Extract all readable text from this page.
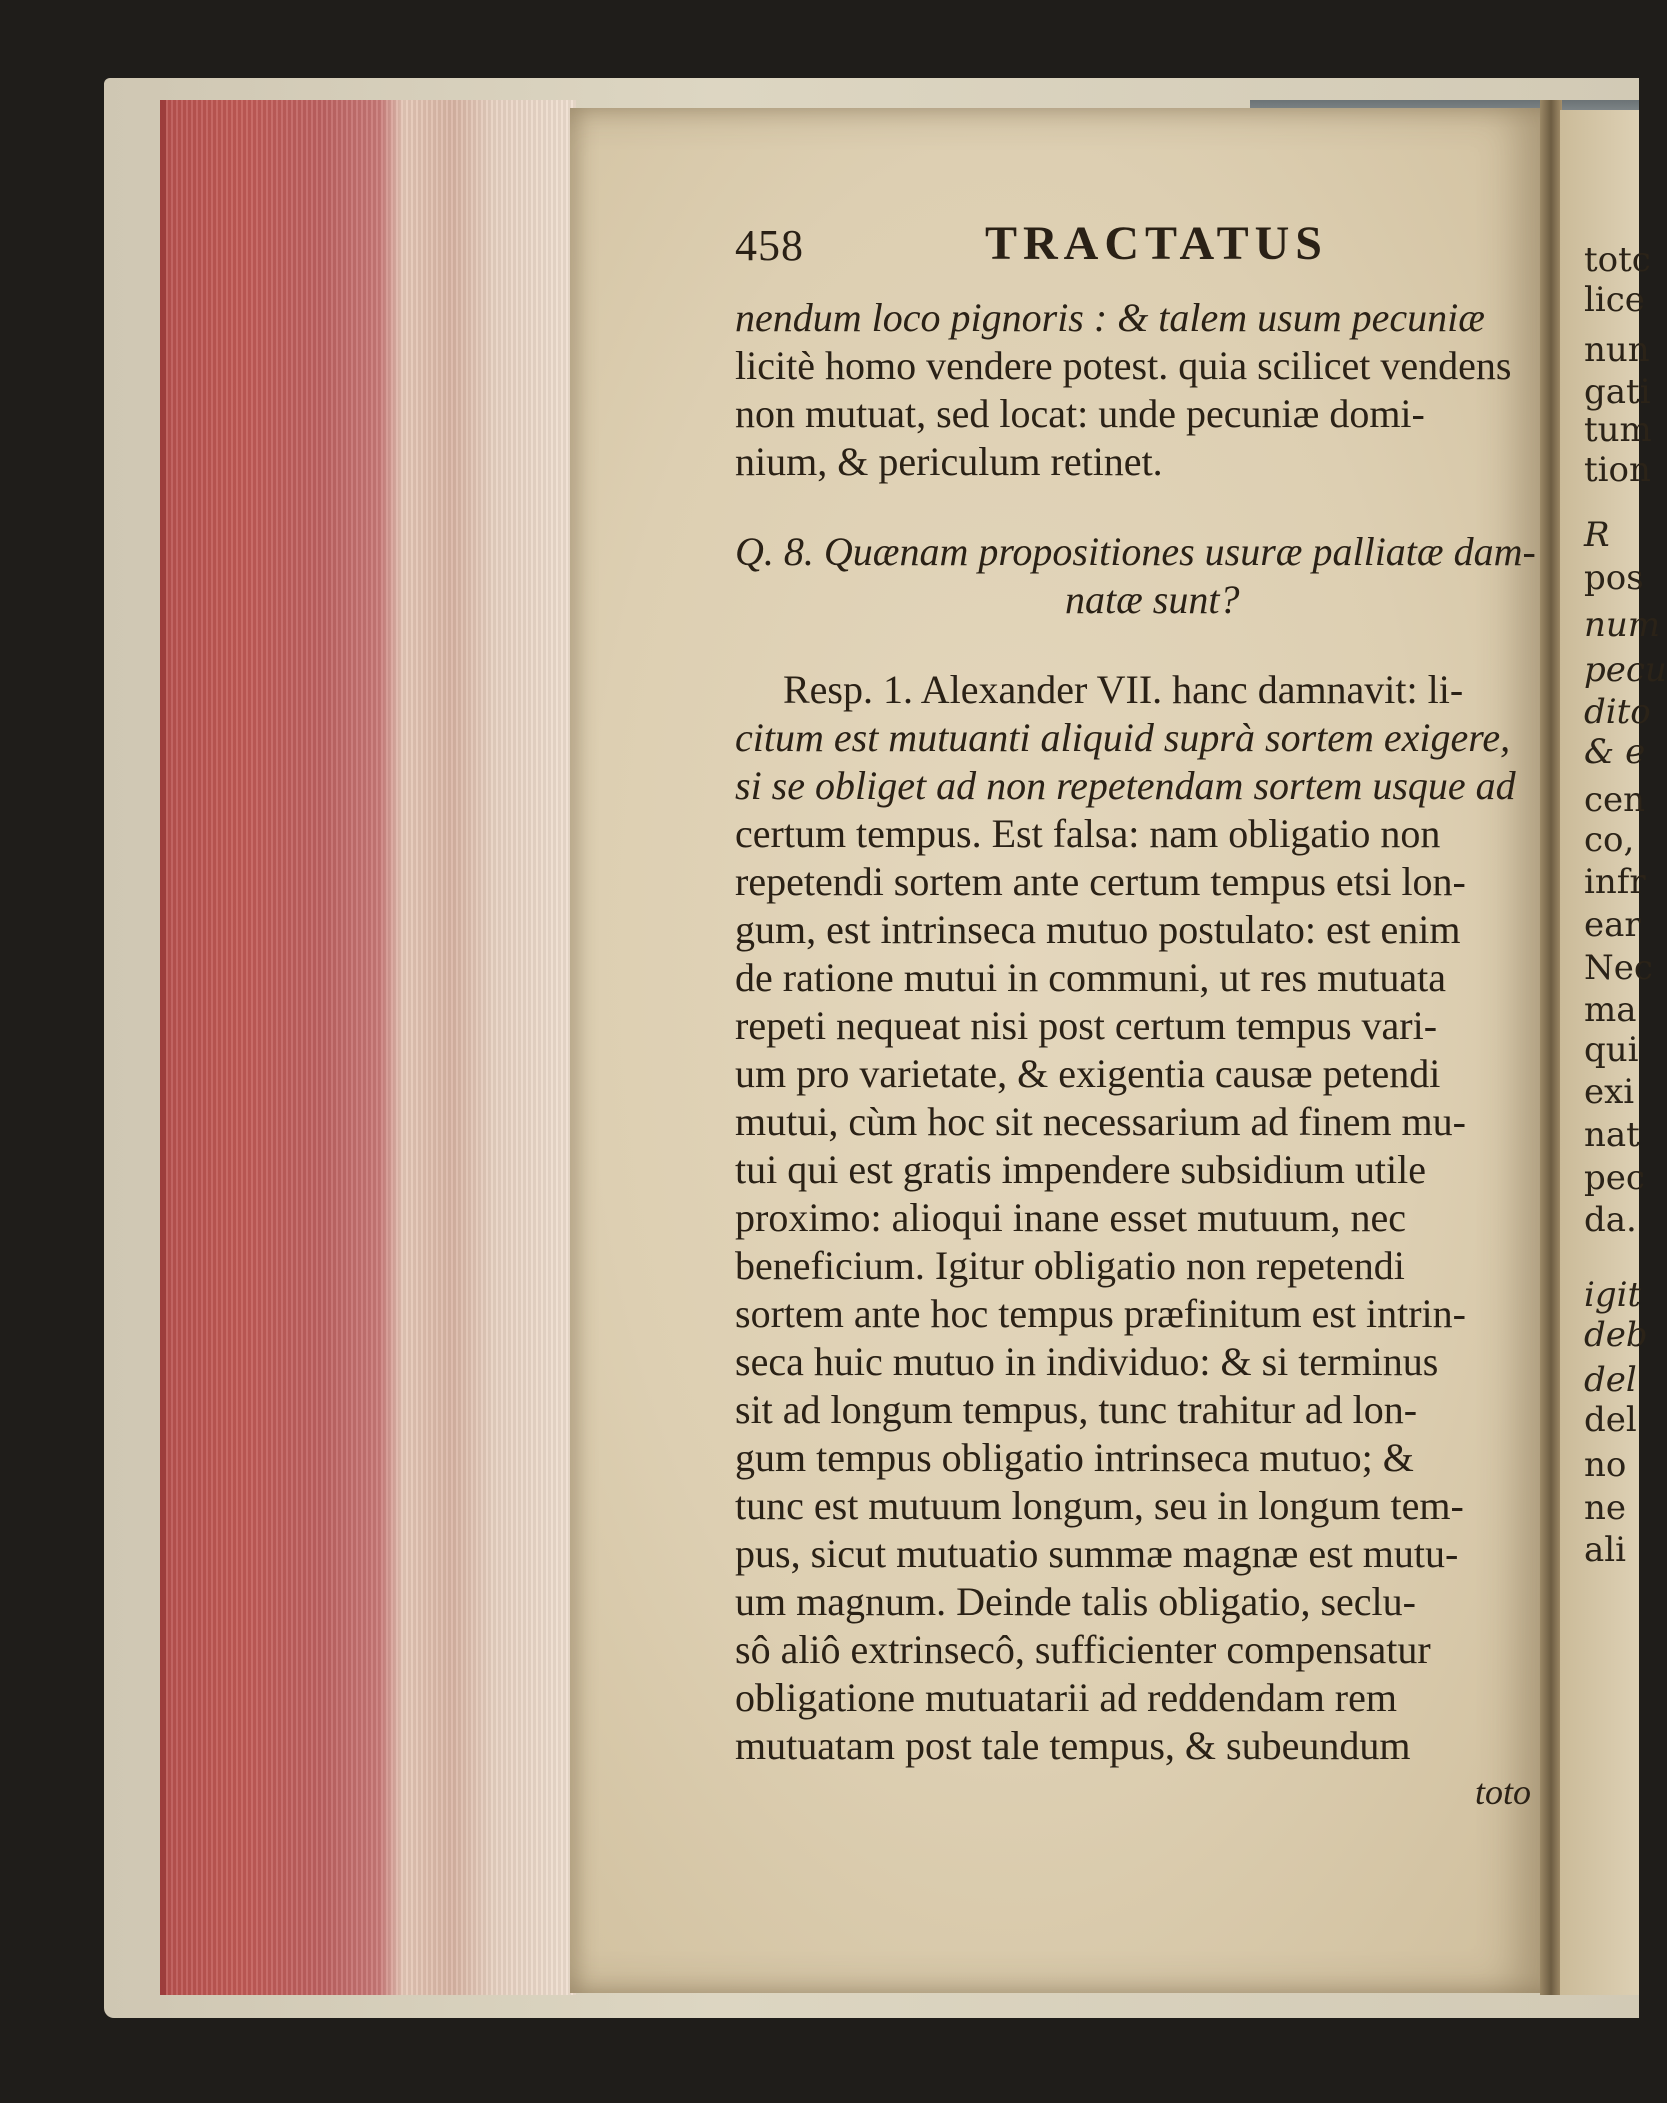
458	TRACTATUS
nendum loco pignoris : & talem usum pecuniæ
licitè homo vendere potest. quia scilicet vendens
non mutuat, sed locat: unde pecuniæ domi-
nium, & periculum retinet.
Q. 8. Quænam propositiones usuræ palliatæ dam-
natæ sunt?
Resp. 1. Alexander VII. hanc damnavit: li-
citum est mutuanti aliquid suprà sortem exigere,
si se obliget ad non repetendam sortem usque ad
certum tempus. Est falsa: nam obligatio non
repetendi sortem ante certum tempus etsi lon-
gum, est intrinseca mutuo postulato: est enim
de ratione mutui in communi, ut res mutuata
repeti nequeat nisi post certum tempus vari-
um pro varietate, & exigentia causæ petendi
mutui, cùm hoc sit necessarium ad finem mu-
tui qui est gratis impendere subsidium utile
proximo: alioqui inane esset mutuum, nec
beneficium. Igitur obligatio non repetendi
sortem ante hoc tempus præfinitum est intrin-
seca huic mutuo in individuo: & si terminus
sit ad longum tempus, tunc trahitur ad lon-
gum tempus obligatio intrinseca mutuo; &
tunc est mutuum longum, seu in longum tem-
pus, sicut mutuatio summæ magnæ est mutu-
um magnum. Deinde talis obligatio, seclu-
sô aliô extrinsecô, sufficienter compensatur
obligatione mutuatarii ad reddendam rem
mutuatam post tale tempus, & subeundum
toto
totc
lice
nun
gati
tum
tion
R
pos
num
pecu
dito
& e
cen
co,
infr
ear
Nec
ma
qui
exi
nat
pec
da.
igit
deb
del
del
no
ne
ali
